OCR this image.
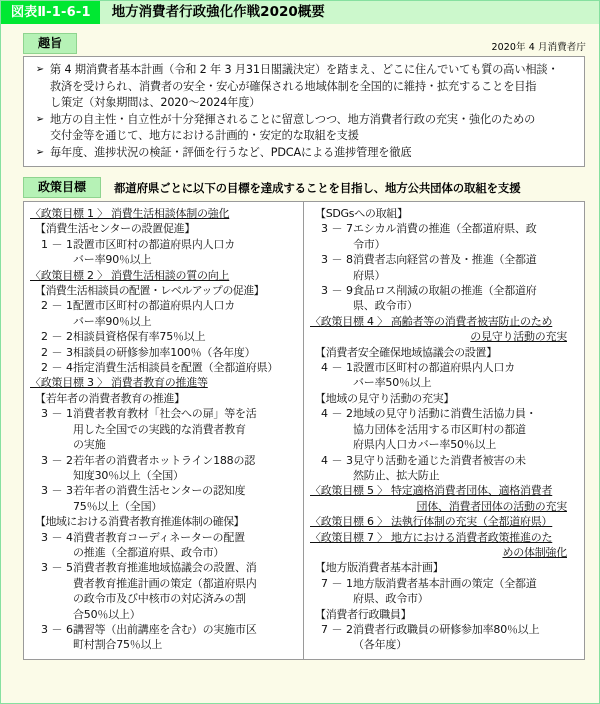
図表Ⅱ-1-6-1	地方消費者行政強化作戦2020概要
趣旨	2020年 4 月消費者庁
➢ 第 4 期消費者基本計画（令和 2 年 3 月31日閣議決定）を踏まえ、どこに住んでいても質の高い相談・
救済を受けられ、消費者の安全・安心が確保される地域体制を全国的に維持・拡充することを目指
し策定（対象期間は、2020〜2024年度）
➢ 地方の自主性・自立性が十分発揮されることに留意しつつ、地方消費者行政の充実・強化のための
交付金等を通じて、地方における計画的・安定的な取組を支援
➢ 毎年度、進捗状況の検証・評価を行うなど、PDCAによる進捗管理を徹底
政策目標	都道府県ごとに以下の目標を達成することを目指し、地方公共団体の取組を支援
〈政策目標 1 〉 消費生活相談体制の強化
【消費生活センターの設置促進】
1 － 1 設置市区町村の都道府県内人口カ
バー率90％以上
〈政策目標 2 〉 消費生活相談の質の向上
【消費生活相談員の配置・レベルアップの促進】
2 － 1 配置市区町村の都道府県内人口カ
バー率90％以上
2 － 2 相談員資格保有率75％以上
2 － 3 相談員の研修参加率100％（各年度）
2 － 4 指定消費生活相談員を配置（全都道府県）
〈政策目標 3 〉 消費者教育の推進等
【若年者の消費者教育の推進】
3 － 1 消費者教育教材「社会への扉」等を活
用した全国での実践的な消費者教育
の実施
3 － 2 若年者の消費者ホットライン188の認
知度30％以上（全国）
3 － 3 若年者の消費生活センターの認知度
75％以上（全国）
【地域における消費者教育推進体制の確保】
3 － 4 消費者教育コーディネーターの配置
の推進（全都道府県、政令市）
3 － 5 消費者教育推進地域協議会の設置、消
費者教育推進計画の策定（都道府県内
の政令市及び中核市の対応済みの割
合50％以上）
3 － 6 講習等（出前講座を含む）の実施市区
町村割合75％以上
【SDGsへの取組】
3 － 7 エシカル消費の推進（全都道府県、政
令市）
3 － 8 消費者志向経営の普及・推進（全都道
府県）
3 － 9 食品ロス削減の取組の推進（全都道府
県、政令市）
〈政策目標 4 〉 高齢者等の消費者被害防止のため
の見守り活動の充実
【消費者安全確保地域協議会の設置】
4 － 1 設置市区町村の都道府県内人口カ
バー率50％以上
【地域の見守り活動の充実】
4 － 2 地域の見守り活動に消費生活協力員・
協力団体を活用する市区町村の都道
府県内人口カバー率50％以上
4 － 3 見守り活動を通じた消費者被害の未
然防止、拡大防止
〈政策目標 5 〉 特定適格消費者団体、適格消費者
団体、消費者団体の活動の充実
〈政策目標 6 〉 法執行体制の充実（全都道府県）
〈政策目標 7 〉 地方における消費者政策推進のた
めの体制強化
【地方版消費者基本計画】
7 － 1 地方版消費者基本計画の策定（全都道
府県、政令市）
【消費者行政職員】
7 － 2 消費者行政職員の研修参加率80％以上
（各年度）
